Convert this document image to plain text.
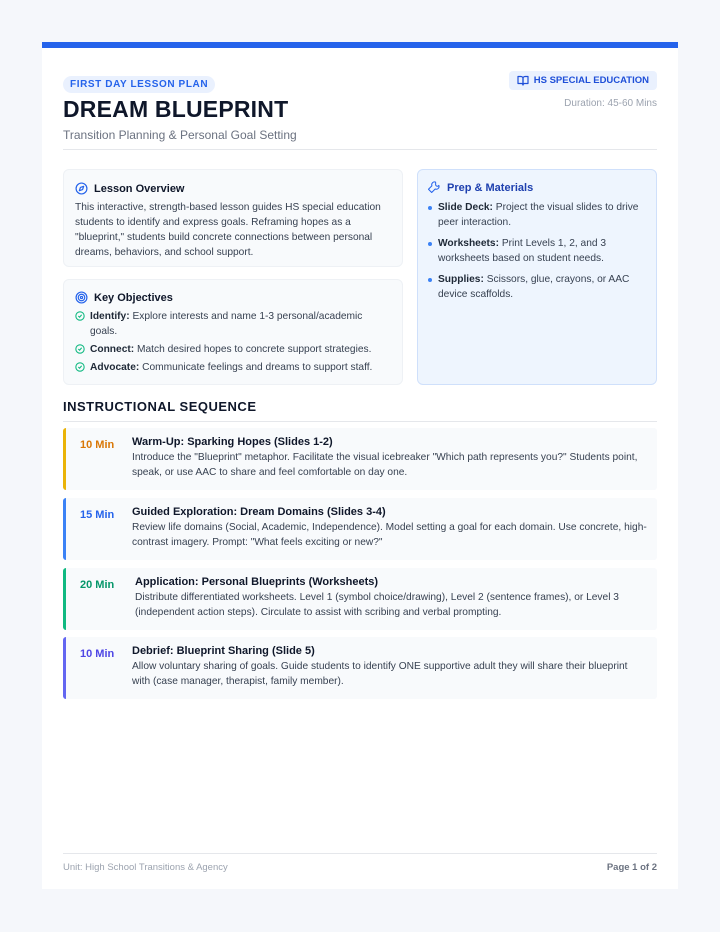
FIRST DAY LESSON PLAN
DREAM BLUEPRINT
Transition Planning & Personal Goal Setting
HS SPECIAL EDUCATION
Duration: 45-60 Mins
Lesson Overview
This interactive, strength-based lesson guides HS special education students to identify and express goals. Reframing hopes as a "blueprint," students build concrete connections between personal dreams, behaviors, and school support.
Key Objectives
Identify: Explore interests and name 1-3 personal/academic goals.
Connect: Match desired hopes to concrete support strategies.
Advocate: Communicate feelings and dreams to support staff.
Prep & Materials
Slide Deck: Project the visual slides to drive peer interaction.
Worksheets: Print Levels 1, 2, and 3 worksheets based on student needs.
Supplies: Scissors, glue, crayons, or AAC device scaffolds.
INSTRUCTIONAL SEQUENCE
10 Min	Warm-Up: Sparking Hopes (Slides 1-2)
Introduce the "Blueprint" metaphor. Facilitate the visual icebreaker "Which path represents you?" Students point, speak, or use AAC to share and feel comfortable on day one.
15 Min	Guided Exploration: Dream Domains (Slides 3-4)
Review life domains (Social, Academic, Independence). Model setting a goal for each domain. Use concrete, high-contrast imagery. Prompt: "What feels exciting or new?"
20 Min	Application: Personal Blueprints (Worksheets)
Distribute differentiated worksheets. Level 1 (symbol choice/drawing), Level 2 (sentence frames), or Level 3 (independent action steps). Circulate to assist with scribing and verbal prompting.
10 Min	Debrief: Blueprint Sharing (Slide 5)
Allow voluntary sharing of goals. Guide students to identify ONE supportive adult they will share their blueprint with (case manager, therapist, family member).
Unit: High School Transitions & Agency	Page 1 of 2
